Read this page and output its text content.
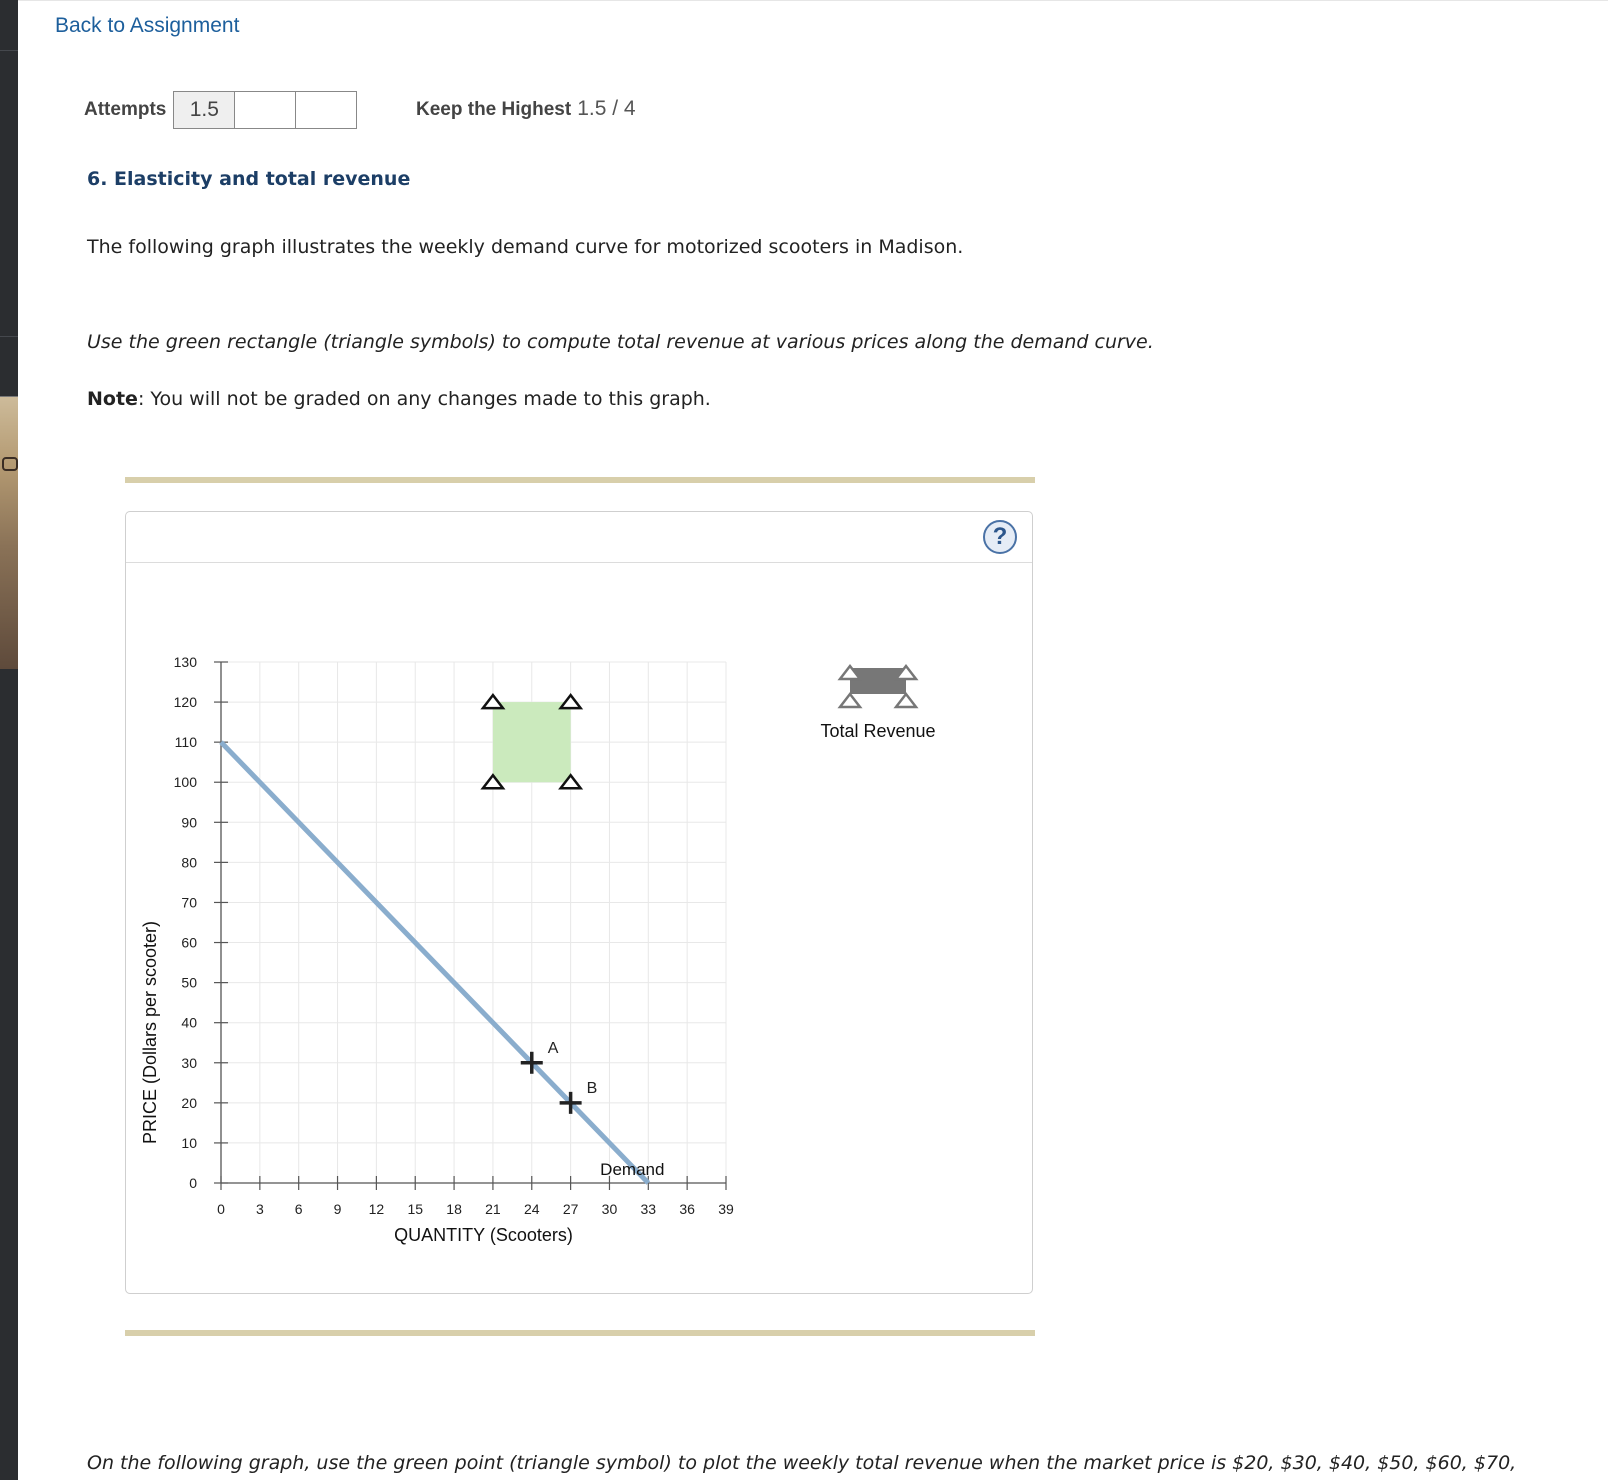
Back to Assignment
Attempts	1.5	Keep the Highest 1.5 / 4
6. Elasticity and total revenue
The following graph illustrates the weekly demand curve for motorized scooters in Madison.
Use the green rectangle (triangle symbols) to compute total revenue at various prices along the demand curve.
Note: You will not be graded on any changes made to this graph.
?
0
10
20
30
40
50
60
70
80
90
100
110
120
130
0 3 6 9 12 15 18 21 24 27 30 33 36 39
A
B
Demand
QUANTITY (Scooters)
PRICE (Dollars per scooter)
Total Revenue
On the following graph, use the green point (triangle symbol) to plot the weekly total revenue when the market price is $20, $30, $40, $50, $60, $70,
